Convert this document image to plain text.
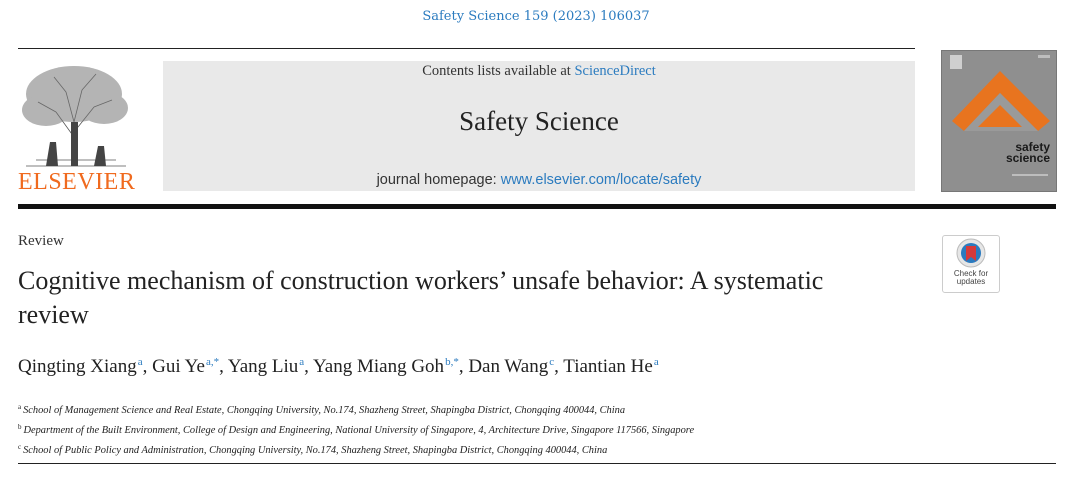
Safety Science 159 (2023) 106037
ELSEVIER
Contents lists available at ScienceDirect
Safety Science
journal homepage: www.elsevier.com/locate/safety
safety
science
Review
Cognitive mechanism of construction workers’ unsafe behavior: A systematic review
Check for
updates
Qingting Xiang$^a$, Gui $Ye^{a,*}$, Yang Liu$^a$, Yang Miang Goh$^{b,*}$, Dan Wang$^c$, Tiantian He$^a$
$^a$ School of Management Science and Real Estate, Chongqing University, No.174, Shazheng Street, Shapingba District, Chongqing 400044, China
$^b$ Department of the Built Environment, College of Design and Engineering, National University of Singapore, 4, Architecture Drive, Singapore 117566, Singapore
$^c$ School of Public Policy and Administration, Chongqing University, No.174, Shazheng Street, Shapingba District, Chongqing 400044, China
